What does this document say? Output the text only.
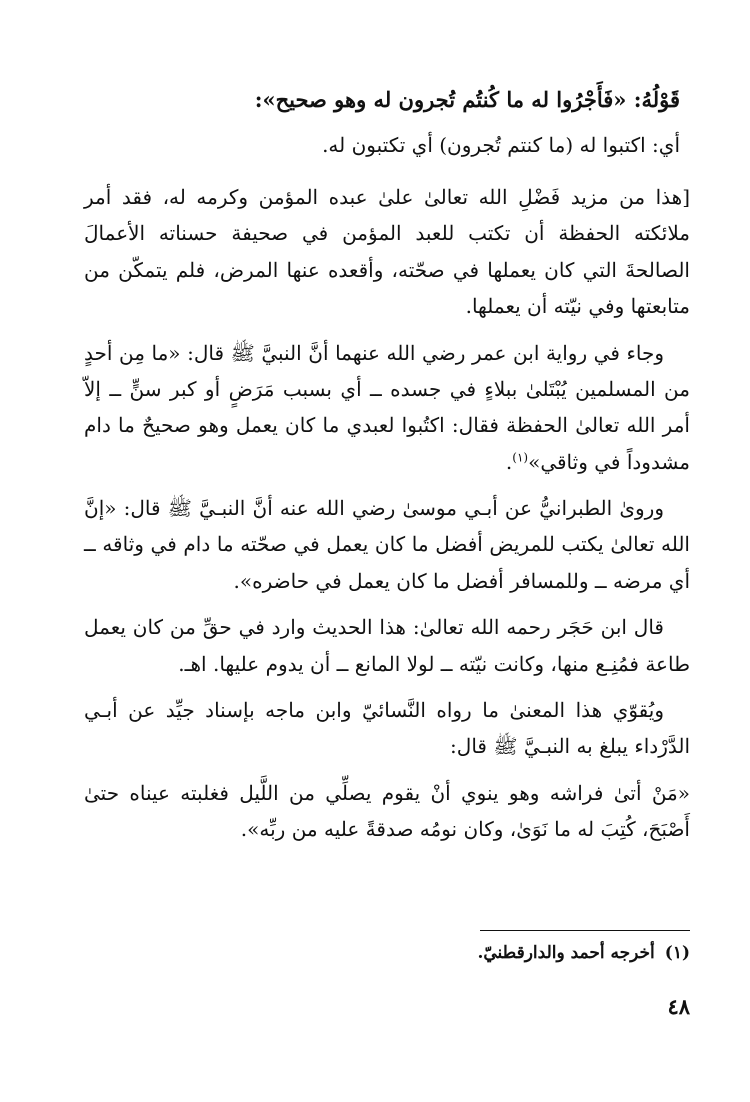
قَوْلُهُ: «فَأَجْرُوا له ما كُنتُم تُجرون له وهو صحيح»:

أي: اكتبوا له (ما كنتم تُجرون) أي تكتبون له.

[هذا من مزيد فَضْلِ الله تعالىٰ علىٰ عبده المؤمن وكرمه له، فقد أمر ملائكته الحفظة أن تكتب للعبد المؤمن في صحيفة حسناته الأعمالَ الصالحةَ التي كان يعملها في صحّته، وأقعده عنها المرض، فلم يتمكّن من متابعتها وفي نيّته أن يعملها.

وجاء في رواية ابن عمر رضي الله عنهما أنَّ النبيَّ ﷺ قال: «ما مِن أحدٍ من المسلمين يُبْتَلىٰ ببلاءٍ في جسده ــ أي بسبب مَرَضٍ أو كبر سنٍّ ــ إلاّ أمر الله تعالىٰ الحفظة فقال: اكتُبوا لعبدي ما كان يعمل وهو صحيحٌ ما دام مشدوداً في وثاقي»$^{(١)}$.

وروىٰ الطبرانيُّ عن أبـي موسىٰ رضي الله عنه أنَّ النبـيَّ ﷺ قال: «إنَّ الله تعالىٰ يكتب للمريض أفضل ما كان يعمل في صحّته ما دام في وثاقه ــ أي مرضه ــ وللمسافر أفضل ما كان يعمل في حاضره».

قال ابن حَجَر رحمه الله تعالىٰ: هذا الحديث وارد في حقِّ من كان يعمل طاعة فمُنِـع منها، وكانت نيّته ــ لولا المانع ــ أن يدوم عليها. اهـ.

ويُقوّي هذا المعنىٰ ما رواه النَّسائيّ وابن ماجه بإسناد جيِّد عن أبـي الدَّرْداء يبلغ به النبـيَّ ﷺ قال:

«مَنْ أتىٰ فراشه وهو ينوي أنْ يقوم يصلِّي من اللَّيل فغلبته عيناه حتىٰ أَصْبَحَ، كُتِبَ له ما نَوَىٰ، وكان نومُه صدقةً عليه من ربِّه».

(١)أخرجه أحمد والدارقطنيّ.
٤٨
